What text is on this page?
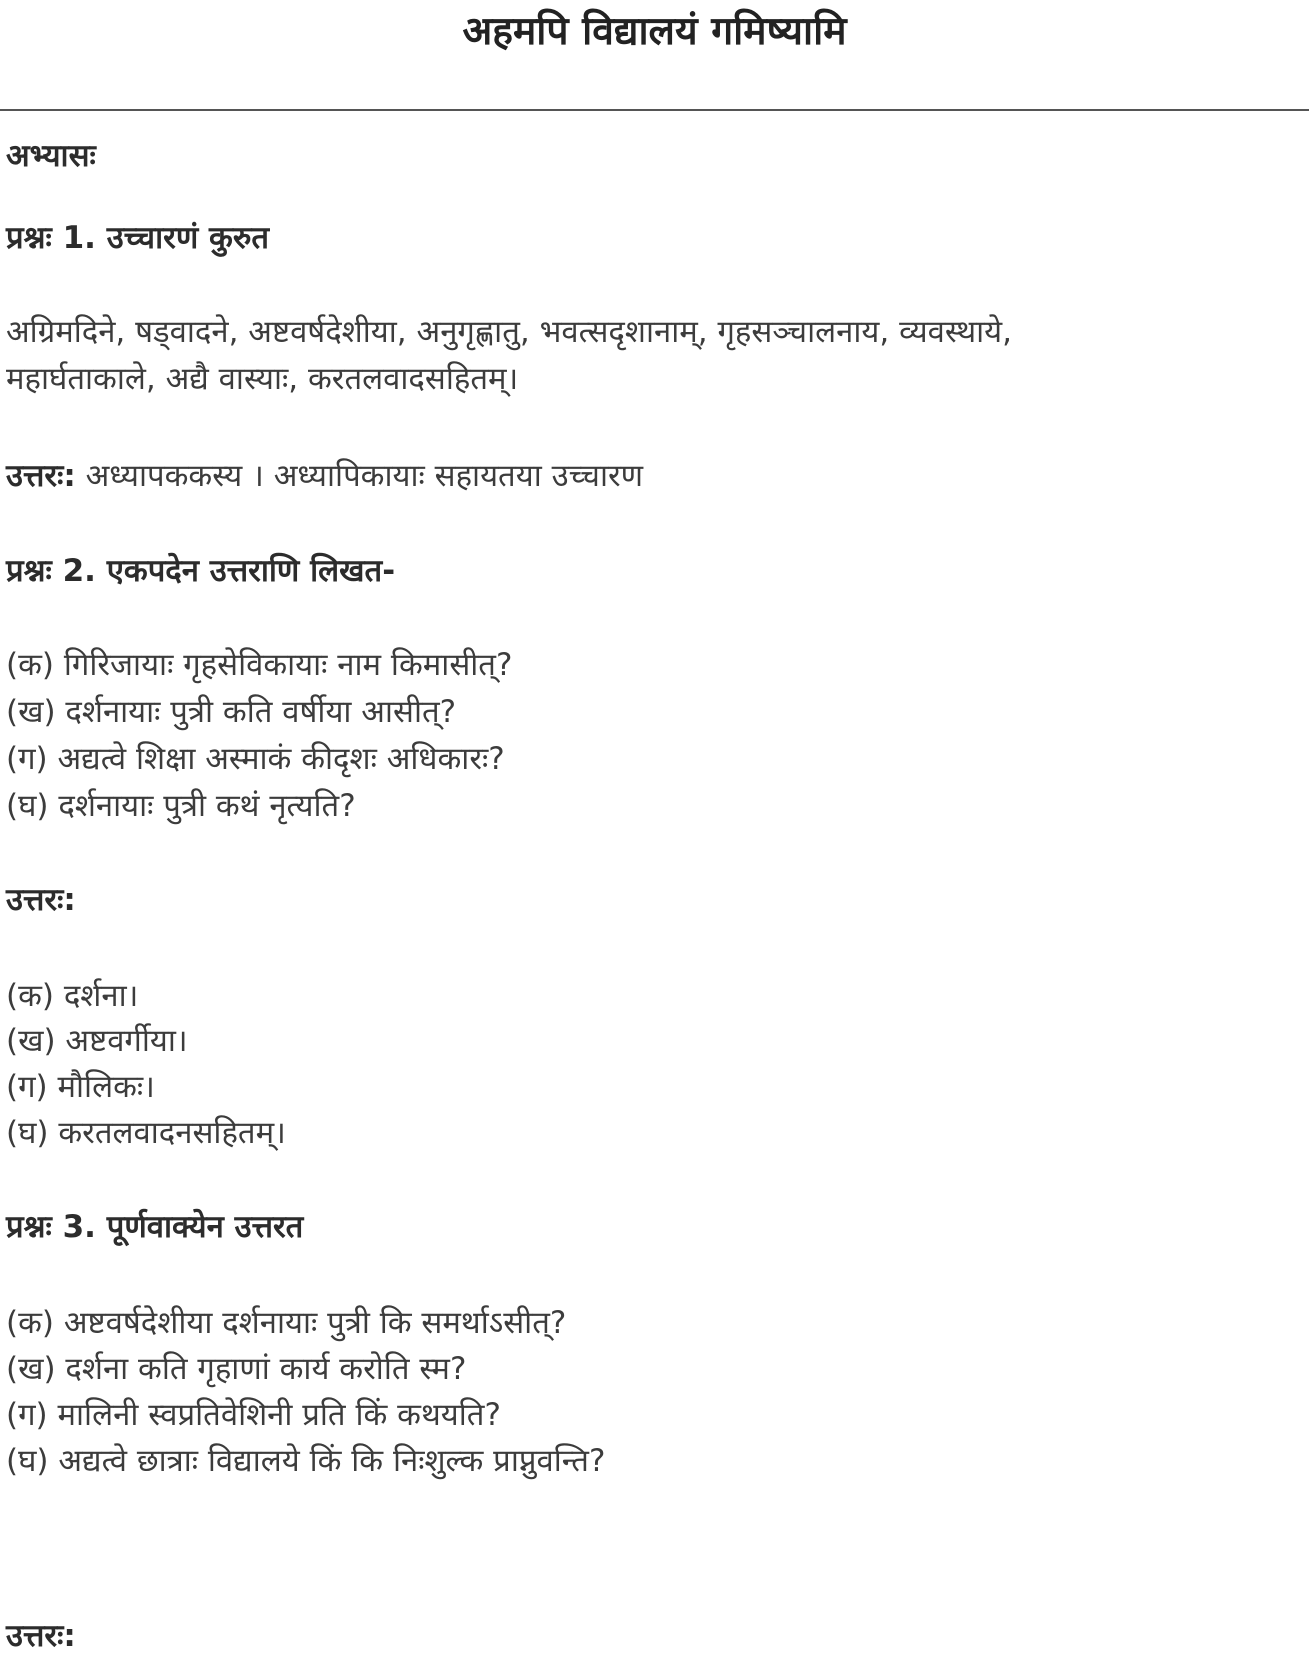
अहमपि विद्यालयं गमिष्यामि
अभ्यासः
प्रश्नः 1. उच्चारणं कुरुत
अग्रिमदिने, षड्वादने, अष्टवर्षदेशीया, अनुगृह्णातु, भवत्सदृशानाम्, गृहसञ्चालनाय, व्यवस्थाये,
महार्घताकाले, अद्यै वास्याः, करतलवादसहितम्।
उत्तरः: अध्यापककस्य । अध्यापिकायाः सहायतया उच्चारण
प्रश्नः 2. एकपदेन उत्तराणि लिखत-
(क) गिरिजायाः गृहसेविकायाः नाम किमासीत्?
(ख) दर्शनायाः पुत्री कति वर्षीया आसीत्?
(ग) अद्यत्वे शिक्षा अस्माकं कीदृशः अधिकारः?
(घ) दर्शनायाः पुत्री कथं नृत्यति?
उत्तरः:
(क) दर्शना।
(ख) अष्टवर्गीया।
(ग) मौलिकः।
(घ) करतलवादनसहितम्।
प्रश्नः 3. पूर्णवाक्येन उत्तरत
(क) अष्टवर्षदेशीया दर्शनायाः पुत्री कि समर्थाऽसीत्?
(ख) दर्शना कति गृहाणां कार्य करोति स्म?
(ग) मालिनी स्वप्रतिवेशिनी प्रति किं कथयति?
(घ) अद्यत्वे छात्राः विद्यालये किं कि निःशुल्क प्राप्नुवन्ति?
उत्तरः:
